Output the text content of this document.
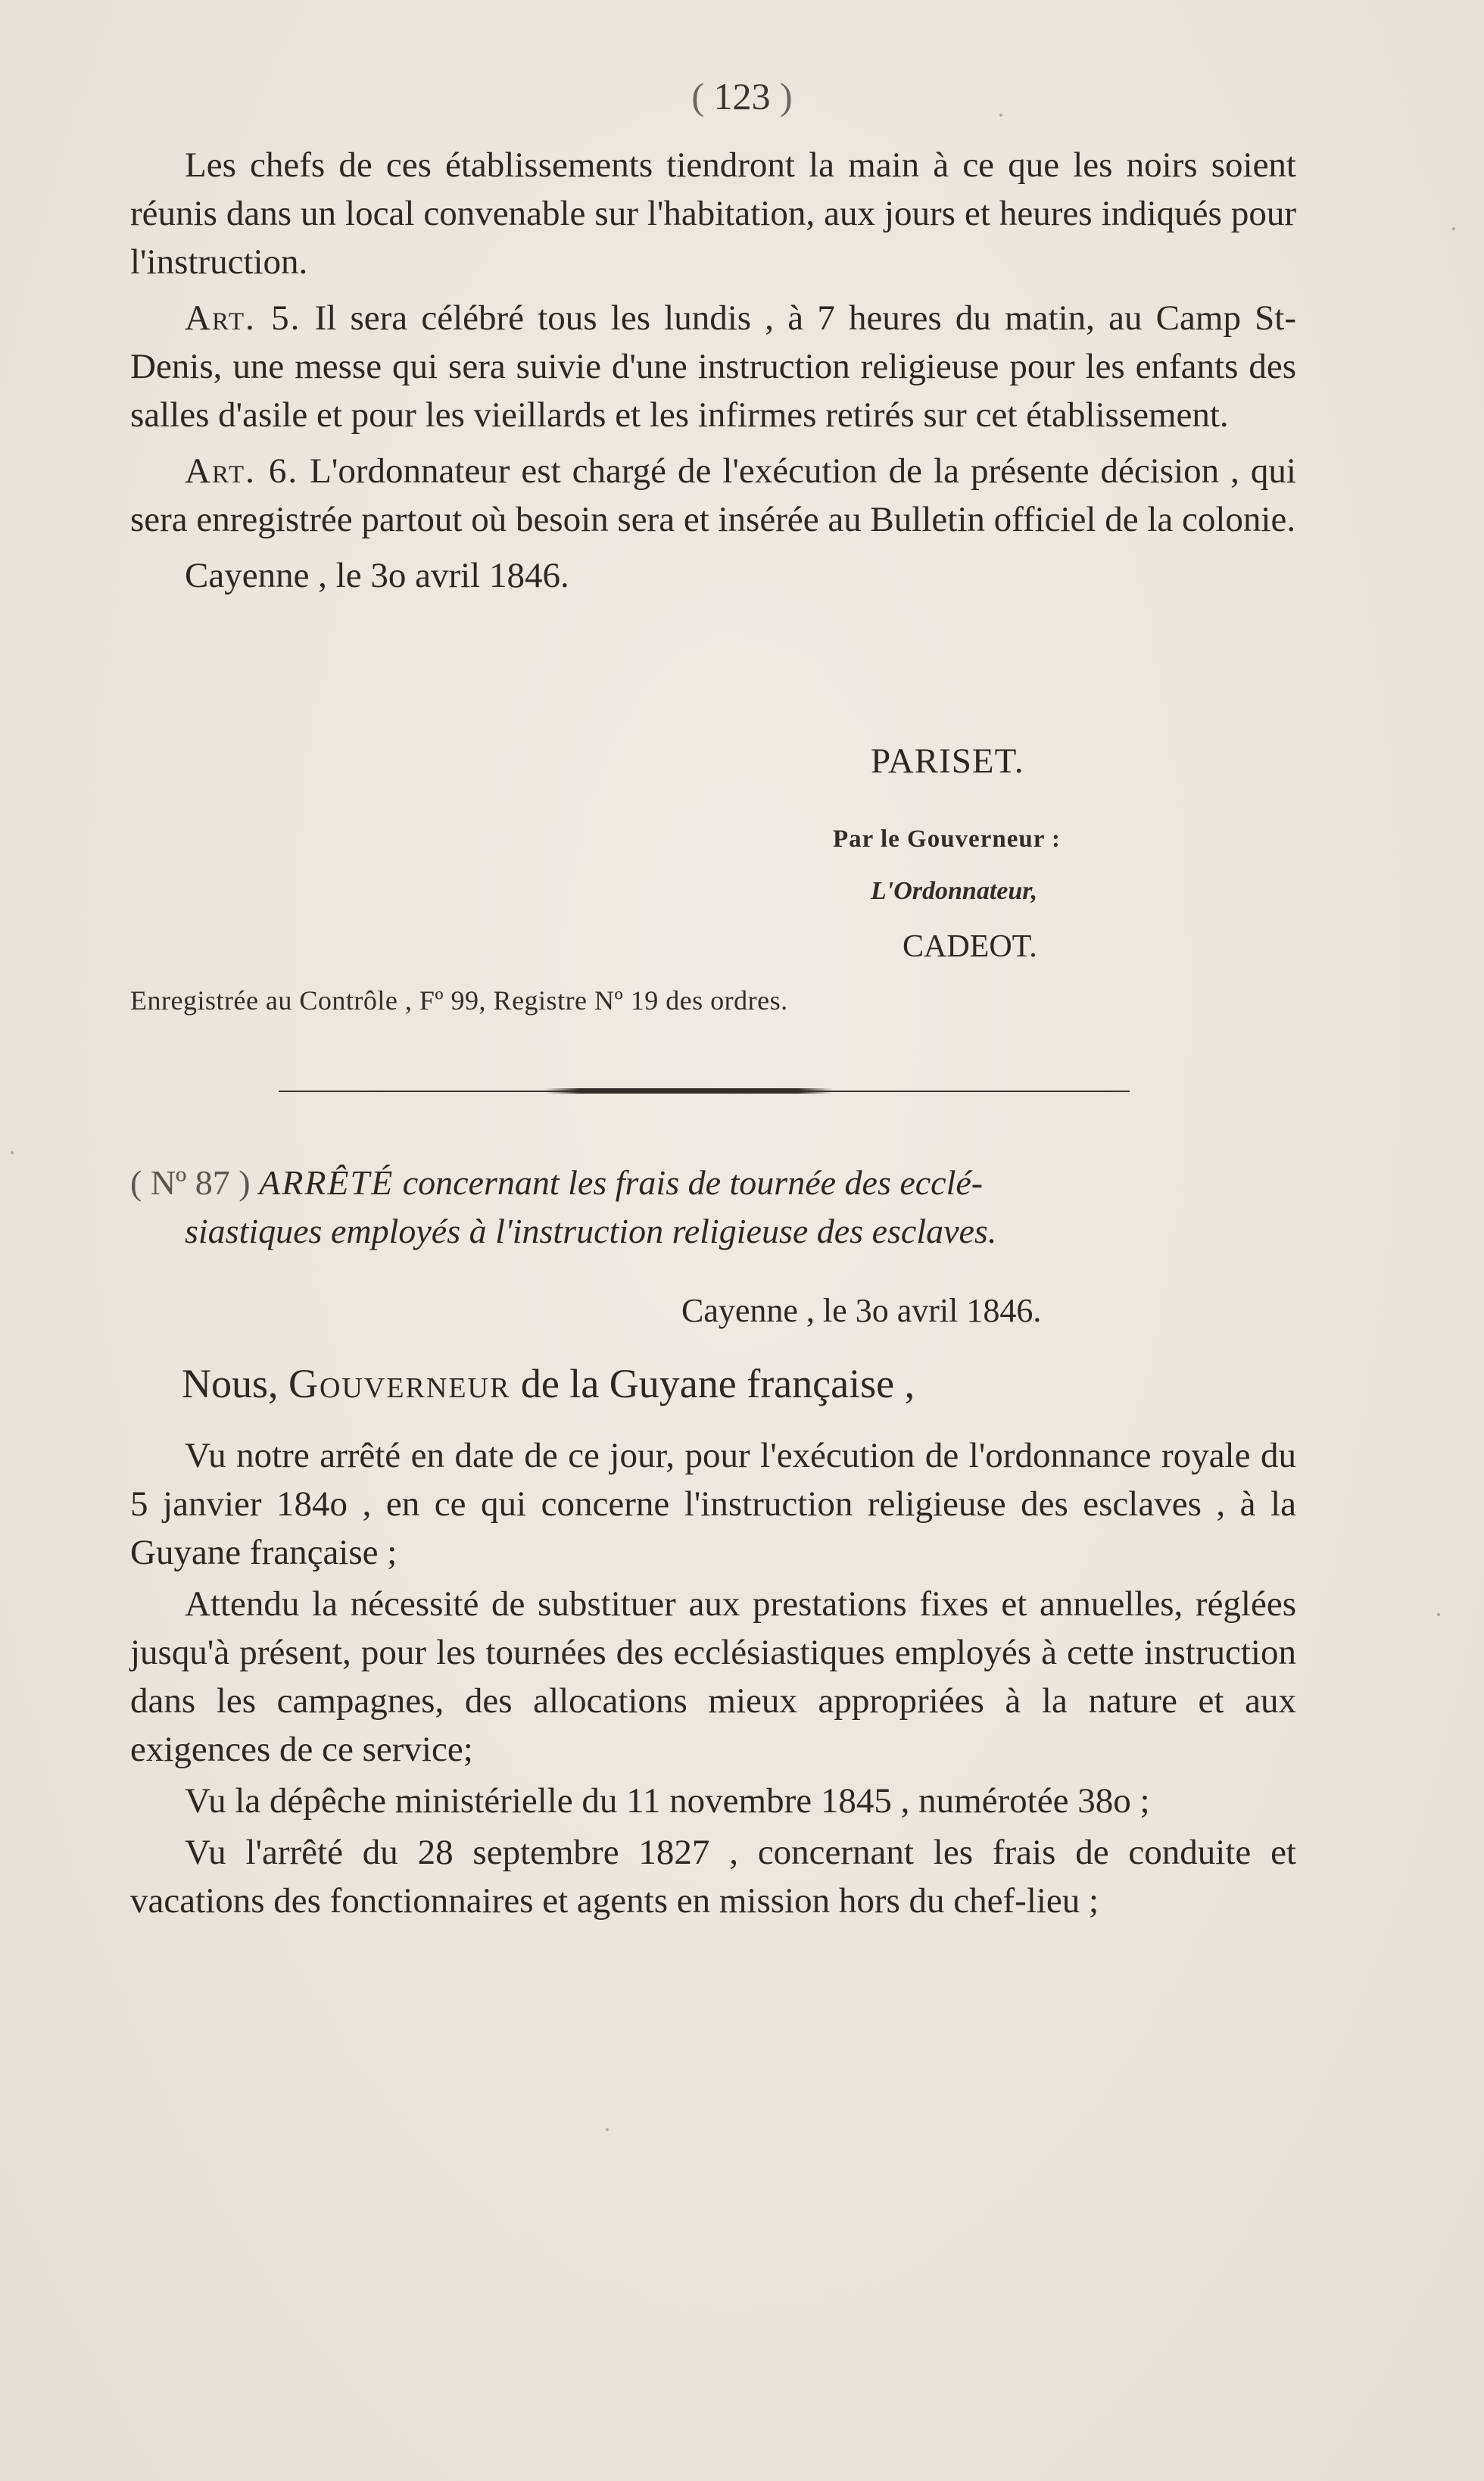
( 123 )

Les chefs de ces établissements tiendront la main à ce que les noirs soient réunis dans un local convenable sur l'habitation, aux jours et heures indiqués pour l'instruction.

Art. 5. Il sera célébré tous les lundis , à 7 heures du matin, au Camp St-Denis, une messe qui sera suivie d'une instruction religieuse pour les enfants des salles d'asile et pour les vieillards et les infirmes retirés sur cet établissement.

Art. 6. L'ordonnateur est chargé de l'exécution de la présente décision , qui sera enregistrée partout où besoin sera et insérée au Bulletin officiel de la colonie.

Cayenne , le 3o avril 1846.

PARISET.
Par le Gouverneur :
L'Ordonnateur,
CADEOT.
Enregistrée au Contrôle , Fº 99, Registre Nº 19 des ordres.
( Nº 87 ) ARRÊTÉ concernant les frais de tournée des ecclé-
siastiques employés à l'instruction religieuse des esclaves.
Cayenne , le 3o avril 1846.
Nous, Gouverneur de la Guyane française ,

Vu notre arrêté en date de ce jour, pour l'exécution de l'ordonnance royale du 5 janvier 184o , en ce qui concerne l'instruction religieuse des esclaves , à la Guyane française ;

Attendu la nécessité de substituer aux prestations fixes et annuelles, réglées jusqu'à présent, pour les tournées des ecclésiastiques employés à cette instruction dans les campagnes, des allocations mieux appropriées à la nature et aux exigences de ce service;

Vu la dépêche ministérielle du 11 novembre 1845 , numérotée 38o ;

Vu l'arrêté du 28 septembre 1827 , concernant les frais de conduite et vacations des fonctionnaires et agents en mission hors du chef-lieu ;
